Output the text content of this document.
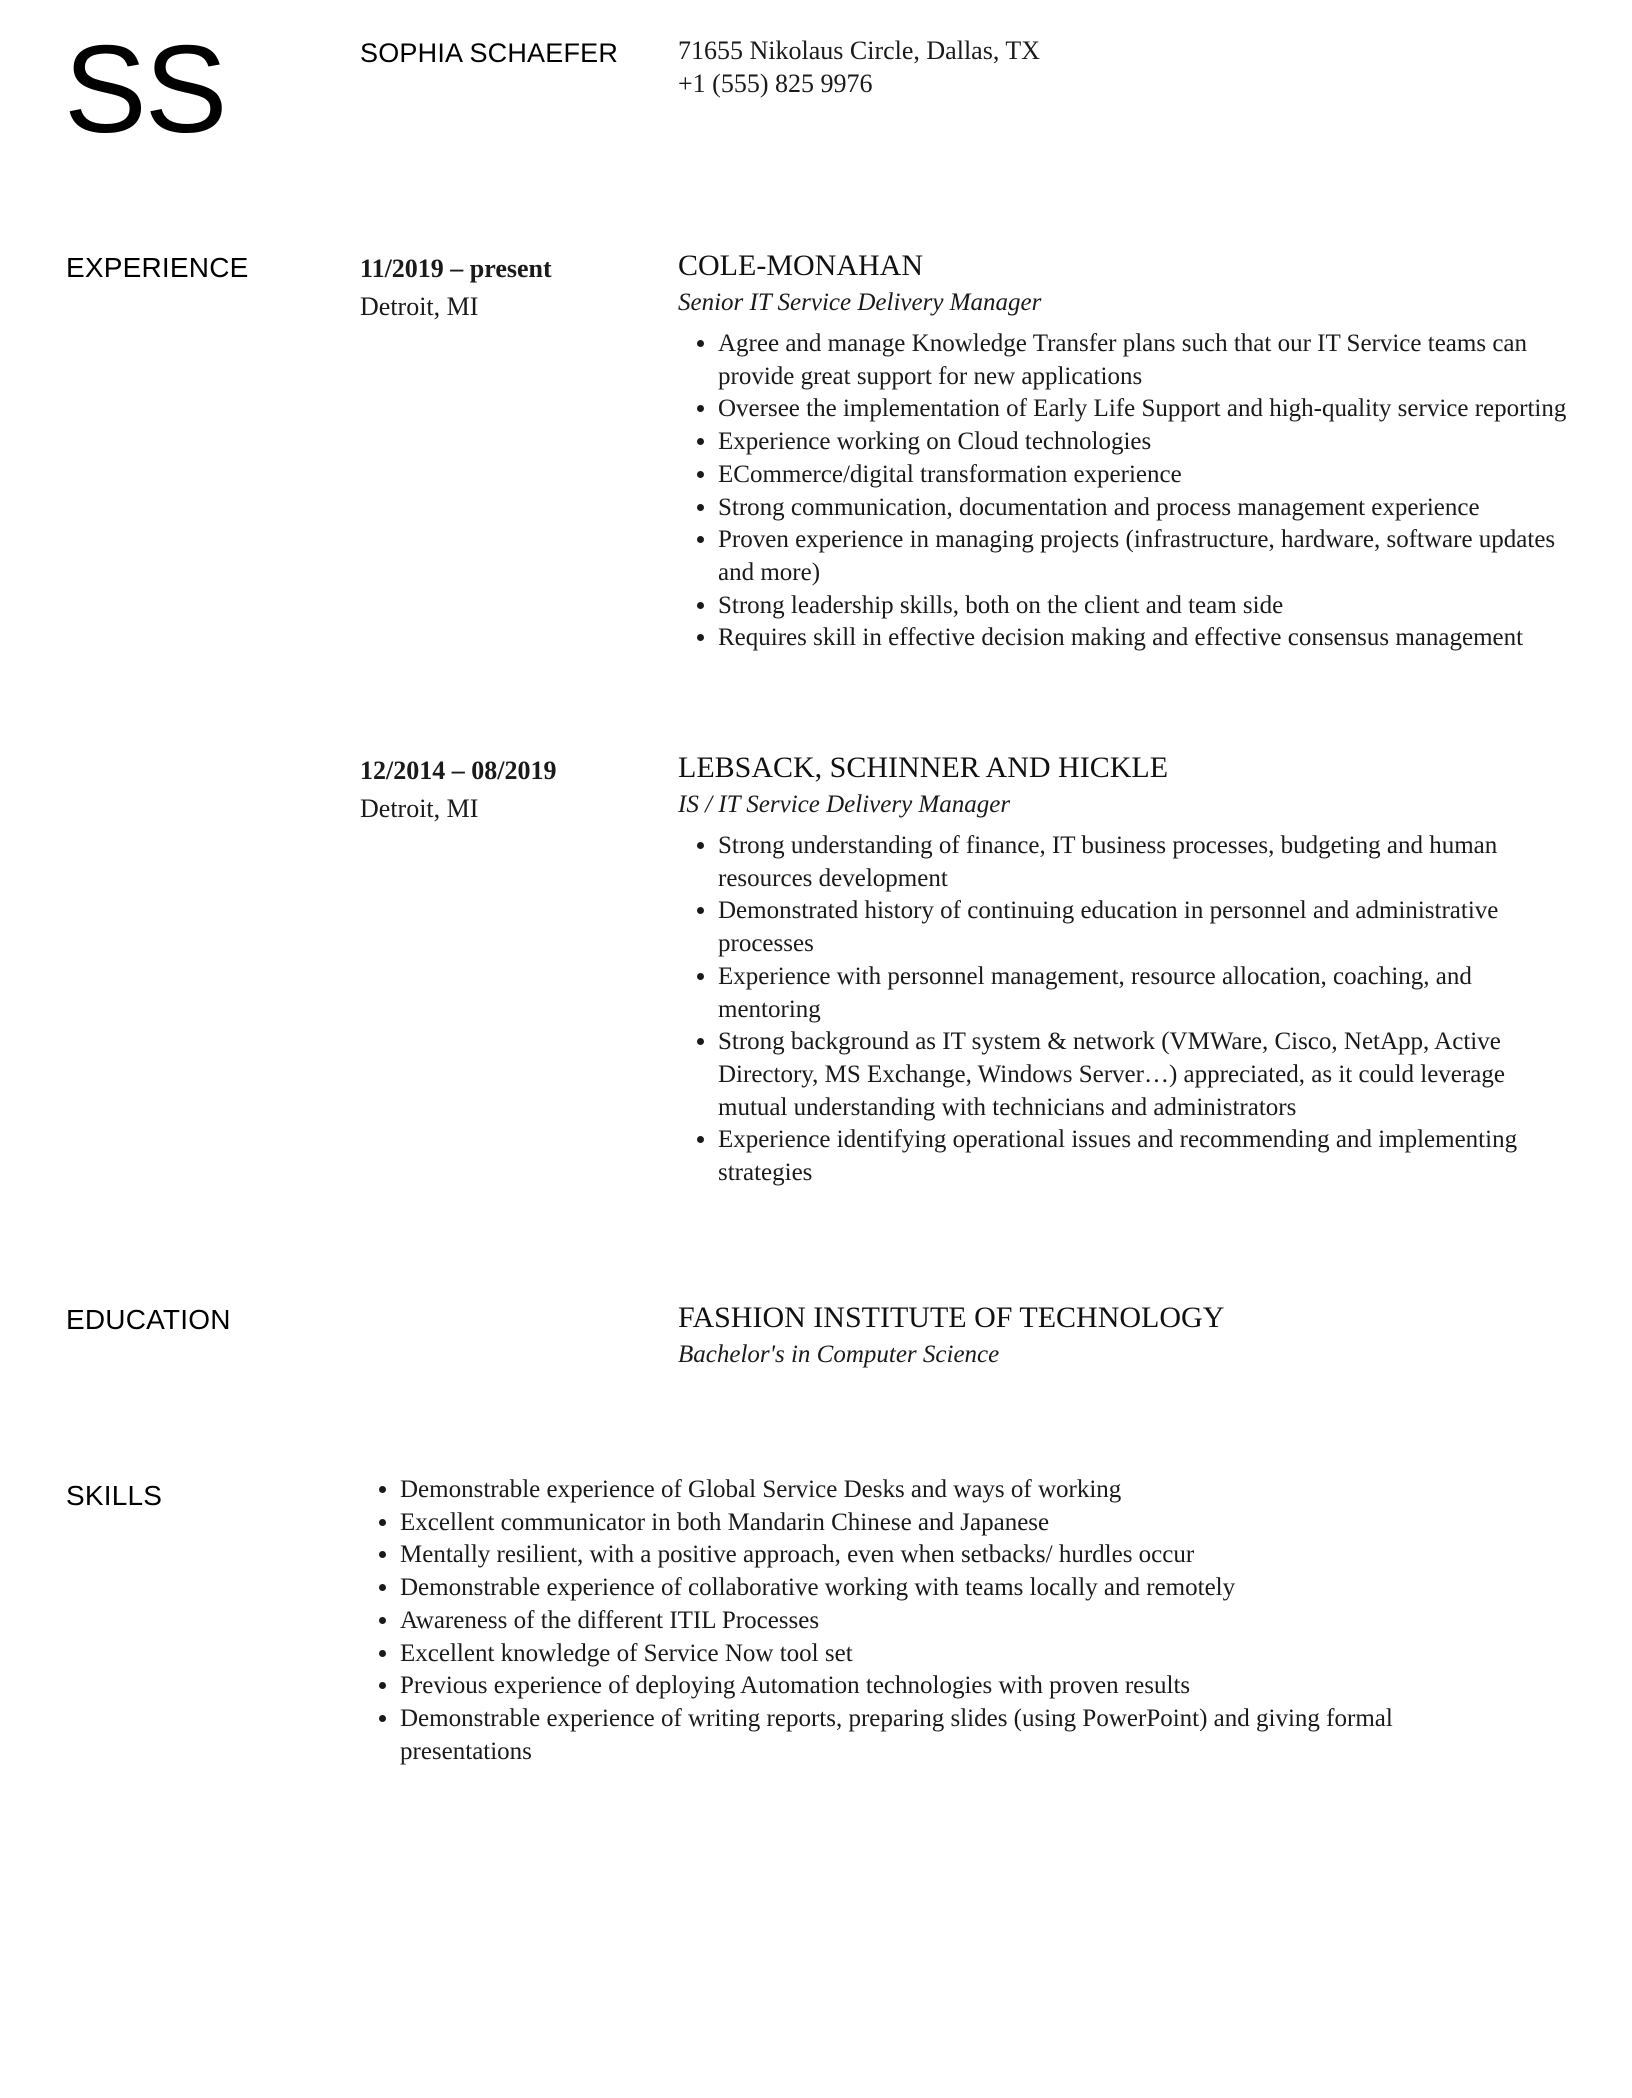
SS	SOPHIA SCHAEFER 71655 Nikolaus Circle, Dallas, TX
+1 (555) 825 9976
EXPERIENCE	11/2019 – present
Detroit, MI
COLE-MONAHAN
Senior IT Service Delivery Manager
• Agree and manage Knowledge Transfer plans such that our IT Service teams can provide great support for new applications
• Oversee the implementation of Early Life Support and high-quality service reporting
• Experience working on Cloud technologies
• ECommerce/digital transformation experience
• Strong communication, documentation and process management experience
• Proven experience in managing projects (infrastructure, hardware, software updates and more)
• Strong leadership skills, both on the client and team side
• Requires skill in effective decision making and effective consensus management
12/2014 – 08/2019
Detroit, MI
LEBSACK, SCHINNER AND HICKLE
IS / IT Service Delivery Manager
• Strong understanding of finance, IT business processes, budgeting and human resources development
• Demonstrated history of continuing education in personnel and administrative processes
• Experience with personnel management, resource allocation, coaching, and mentoring
• Strong background as IT system & network (VMWare, Cisco, NetApp, Active Directory, MS Exchange, Windows Server…) appreciated, as it could leverage mutual understanding with technicians and administrators
• Experience identifying operational issues and recommending and implementing strategies
EDUCATION	FASHION INSTITUTE OF TECHNOLOGY
Bachelor's in Computer Science
SKILLS
•	Demonstrable experience of Global Service Desks and ways of working
• Excellent communicator in both Mandarin Chinese and Japanese
• Mentally resilient, with a positive approach, even when setbacks/ hurdles occur
• Demonstrable experience of collaborative working with teams locally and remotely
• Awareness of the different ITIL Processes
• Excellent knowledge of Service Now tool set
• Previous experience of deploying Automation technologies with proven results
• Demonstrable experience of writing reports, preparing slides (using PowerPoint) and giving formal presentations
